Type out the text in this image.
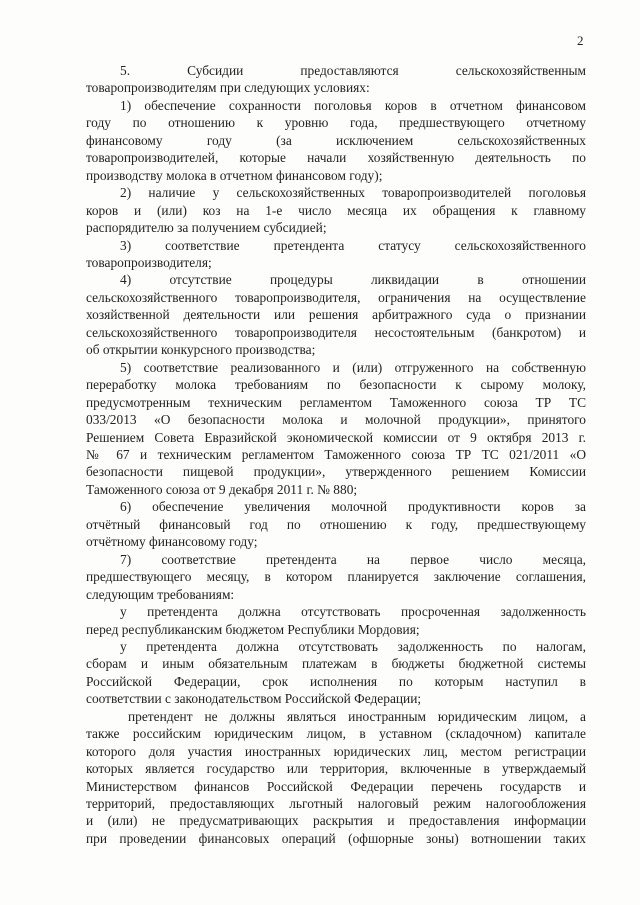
2
5. Субсидии предоставляются сельскохозяйственным
товаропроизводителям при следующих условиях:
1) обеспечение сохранности поголовья коров в отчетном финансовом
году по отношению к уровню года, предшествующего отчетному
финансовому году (за исключением сельскохозяйственных
товаропроизводителей, которые начали хозяйственную деятельность по
производству молока в отчетном финансовом году);
2) наличие у сельскохозяйственных товаропроизводителей поголовья
коров и (или) коз на 1-е число месяца их обращения к главному
распорядителю за получением субсидией;
3) соответствие претендента статусу сельскохозяйственного
товаропроизводителя;
4) отсутствие процедуры ликвидации в отношении
сельскохозяйственного товаропроизводителя, ограничения на осуществление
хозяйственной деятельности или решения арбитражного суда о признании
сельскохозяйственного товаропроизводителя несостоятельным (банкротом) и
об открытии конкурсного производства;
5) соответствие реализованного и (или) отгруженного на собственную
переработку молока требованиям по безопасности к сырому молоку,
предусмотренным техническим регламентом Таможенного союза ТР ТС
033/2013 «О безопасности молока и молочной продукции», принятого
Решением Совета Евразийской экономической комиссии от 9 октября 2013 г.
№ 67 и техническим регламентом Таможенного союза ТР ТС 021/2011 «О
безопасности пищевой продукции», утвержденного решением Комиссии
Таможенного союза от 9 декабря 2011 г. № 880;
6) обеспечение увеличения молочной продуктивности коров за
отчётный финансовый год по отношению к году, предшествующему
отчётному финансовому году;
7) соответствие претендента на первое число месяца,
предшествующего месяцу, в котором планируется заключение соглашения,
следующим требованиям:
у претендента должна отсутствовать просроченная задолженность
перед республиканским бюджетом Республики Мордовия;
у претендента должна отсутствовать задолженность по налогам,
сборам и иным обязательным платежам в бюджеты бюджетной системы
Российской Федерации, срок исполнения по которым наступил в
соответствии с законодательством Российской Федерации;
претендент не должны являться иностранным юридическим лицом, а
также российским юридическим лицом, в уставном (складочном) капитале
которого доля участия иностранных юридических лиц, местом регистрации
которых является государство или территория, включенные в утверждаемый
Министерством финансов Российской Федерации перечень государств и
территорий, предоставляющих льготный налоговый режим налогообложения
и (или) не предусматривающих раскрытия и предоставления информации
при проведении финансовых операций (офшорные зоны) вотношении таких
